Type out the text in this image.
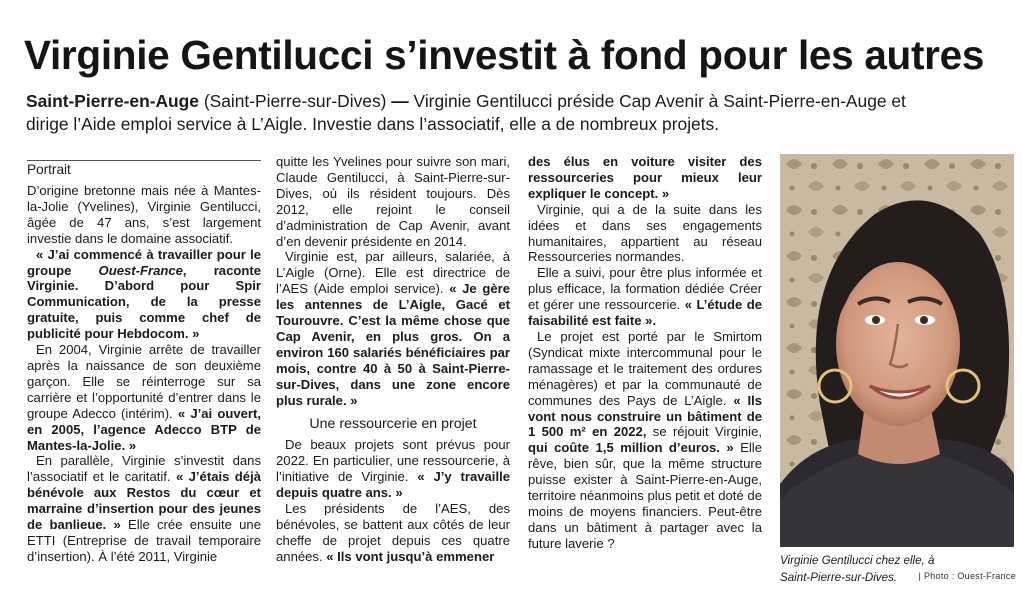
Virginie Gentilucci s’investit à fond pour les autres
Saint-Pierre-en-Auge (Saint-Pierre-sur-Dives) — Virginie Gentilucci préside Cap Avenir à Saint-Pierre-en-Auge et dirige l’Aide emploi service à L’Aigle. Investie dans l’associatif, elle a de nombreux projets.
Portrait

D’origine bretonne mais née à Mantes-la-Jolie (Yvelines), Virginie Gentilucci, âgée de 47 ans, s’est largement investie dans le domaine associatif.

« J’ai commencé à travailler pour le groupe Ouest-France, raconte Virginie. D’abord pour Spir Communication, de la presse gratuite, puis comme chef de publicité pour Hebdocom. »

En 2004, Virginie arrête de travailler après la naissance de son deuxième garçon. Elle se réinterroge sur sa carrière et l’opportunité d’entrer dans le groupe Adecco (intérim). « J’ai ouvert, en 2005, l’agence Adecco BTP de Mantes-la-Jolie. »

En parallèle, Virginie s’investit dans l’associatif et le caritatif. « J’étais déjà bénévole aux Restos du cœur et marraine d’insertion pour des jeunes de banlieue. » Elle crée ensuite une ETTI (Entreprise de travail temporaire d’insertion). À l’été 2011, Virginie

quitte les Yvelines pour suivre son mari, Claude Gentilucci, à Saint-Pierre-sur-Dives, où ils résident toujours. Dès 2012, elle rejoint le conseil d’administration de Cap Avenir, avant d’en devenir présidente en 2014.

Virginie est, par ailleurs, salariée, à L’Aigle (Orne). Elle est directrice de l’AES (Aide emploi service). « Je gère les antennes de L’Aigle, Gacé et Tourouvre. C’est la même chose que Cap Avenir, en plus gros. On a environ 160 salariés bénéficiaires par mois, contre 40 à 50 à Saint-Pierre-sur-Dives, dans une zone encore plus rurale. »

Une ressourcerie en projet

De beaux projets sont prévus pour 2022. En particulier, une ressourcerie, à l’initiative de Virginie. « J’y travaille depuis quatre ans. »

Les présidents de l’AES, des bénévoles, se battent aux côtés de leur cheffe de projet depuis ces quatre années. « Ils vont jusqu’à emmener

des élus en voiture visiter des ressourceries pour mieux leur expliquer le concept. »

Virginie, qui a de la suite dans les idées et dans ses engagements humanitaires, appartient au réseau Ressourceries normandes.

Elle a suivi, pour être plus informée et plus efficace, la formation dédiée Créer et gérer une ressourcerie. « L’étude de faisabilité est faite ».

Le projet est porté par le Smirtom (Syndicat mixte intercommunal pour le ramassage et le traitement des ordures ménagères) et par la communauté de communes des Pays de L’Aigle. « Ils vont nous construire un bâtiment de 1 500 m² en 2022, se réjouit Virginie, qui coûte 1,5 million d’euros. » Elle rêve, bien sûr, que la même structure puisse exister à Saint-Pierre-en-Auge, territoire néanmoins plus petit et doté de moins de moyens financiers. Peut-être dans un bâtiment à partager avec la future laverie ?

Virginie Gentilucci chez elle, à
Saint-Pierre-sur-Dives.	| Photo : Ouest-France
